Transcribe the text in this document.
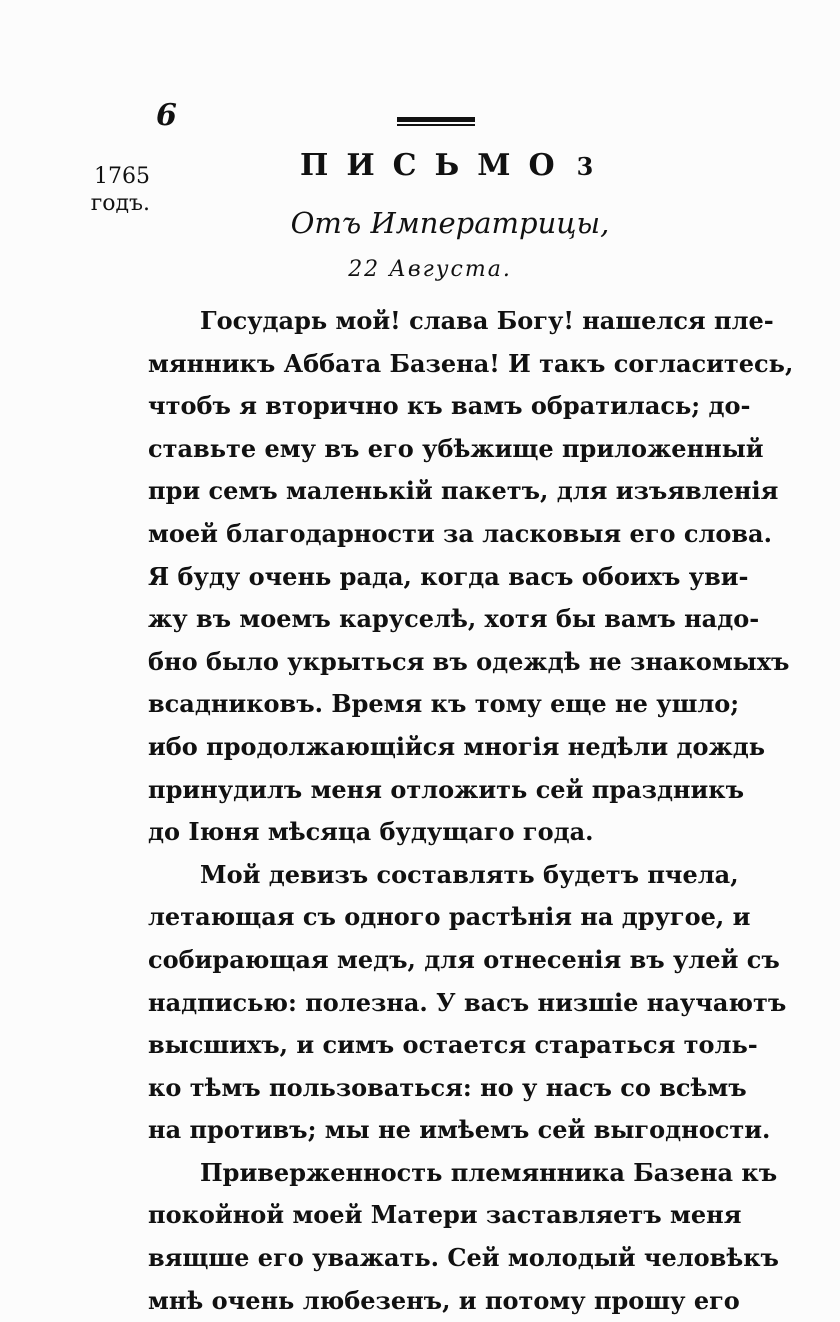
6
1765
годъ.
ПИСЬМО 3
Отъ Императрицы,
22 Августа.
Государь мой! слава Богу! нашелся пле-
мянникъ Аббата Базена! И такъ согласитесь,
чтобъ я вторично къ вамъ обратилась; до-
ставьте ему въ его убѣжище приложенный
при семъ маленькій пакетъ, для изъявленія
моей благодарности за ласковыя его слова.
Я буду очень рада, когда васъ обоихъ уви-
жу въ моемъ каруселѣ, хотя бы вамъ надо-
бно было укрыться въ одеждѣ не знакомыхъ
всадниковъ. Время къ тому еще не ушло;
ибо продолжающійся многія недѣли дождь
принудилъ меня отложить сей праздникъ
до Іюня мѣсяца будущаго года.
Мой девизъ составлять будетъ пчела,
летающая съ одного растѣнія на другое, и
собирающая медъ, для отнесенія въ улей съ
надписью: полезна. У васъ низшіе научаютъ
высшихъ, и симъ остается стараться толь-
ко тѣмъ пользоваться: но у насъ со всѣмъ
на противъ; мы не имѣемъ сей выгодности.
Приверженность племянника Базена къ
покойной моей Матери заставляетъ меня
вящше его уважать. Сей молодый человѣкъ
мнѣ очень любезенъ, и потому прошу его
